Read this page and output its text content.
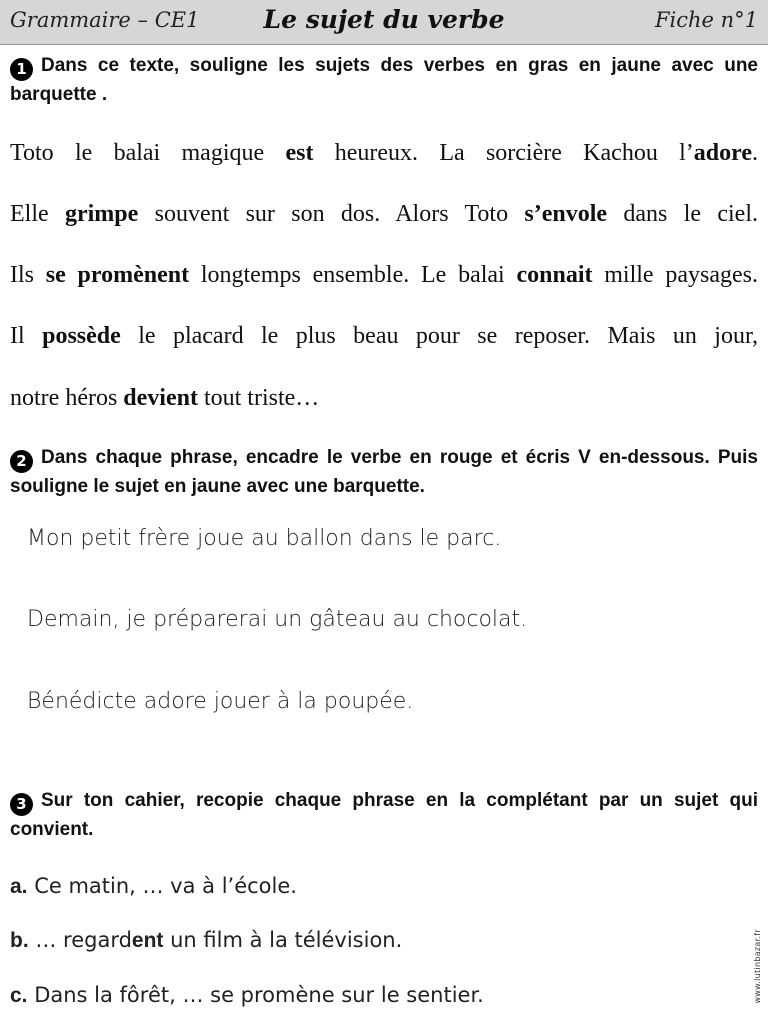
Grammaire – CE1	Le sujet du verbe	Fiche n°1
1 Dans ce texte, souligne les sujets des verbes en gras en jaune avec une barquette .
Toto le balai magique est heureux. La sorcière Kachou l’adore.
Elle grimpe souvent sur son dos. Alors Toto s’envole dans le ciel.
Ils se promènent longtemps ensemble. Le balai connait mille paysages.
Il possède le placard le plus beau pour se reposer. Mais un jour,
notre héros devient tout triste…
2 Dans chaque phrase, encadre le verbe en rouge et écris V en-dessous. Puis souligne le sujet en jaune avec une barquette.
Mon petit frère joue au ballon dans le parc.
Demain, je préparerai un gâteau au chocolat.
Bénédicte adore jouer à la poupée.
3 Sur ton cahier, recopie chaque phrase en la complétant par un sujet qui convient.
a. Ce matin, … va à l’école.
b. … regardent un film à la télévision.
c. Dans la fôrêt, … se promène sur le sentier.	www.lutinbazar.fr
